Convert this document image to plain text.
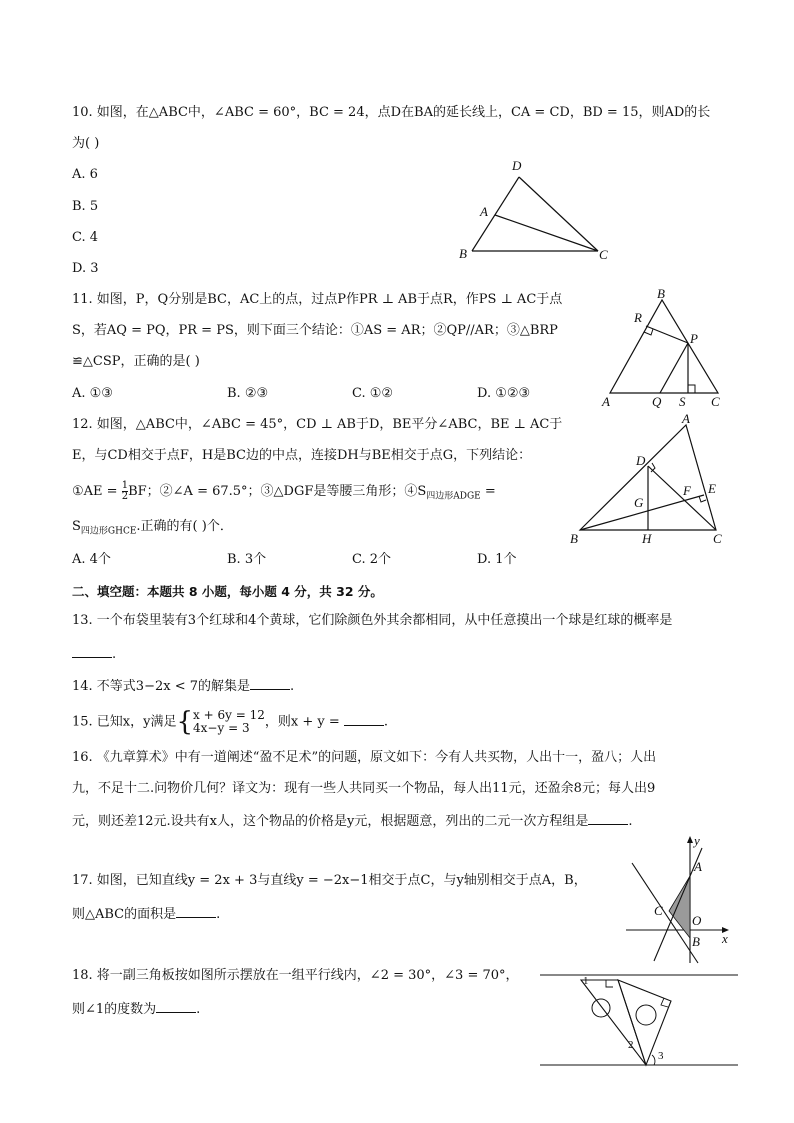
10. 如图，在△ABC中，∠ABC = 60°，BC = 24，点D在BA的延长线上，CA = CD，BD = 15，则AD的长
为( )
A. 6
B. 5
C. 4
D. 3
D
A
B	C
11. 如图，P，Q分别是BC，AC上的点，过点P作PR ⊥ AB于点R，作PS ⊥ AC于点
S，若AQ = PQ，PR = PS，则下面三个结论：①AS = AR；②QP//AR；③△BRP
≌△CSP，正确的是( )
A. ①③	B. ②③	C. ①②	D. ①②③
B
R
P
A	Q S C
12. 如图，△ABC中，∠ABC = 45°，CD ⊥ AB于D，BE平分∠ABC，BE ⊥ AC于
E，与CD相交于点F，H是BC边的中点，连接DH与BE相交于点G，下列结论：
①AE = $\frac{1}{2}$ BF；②∠A = 67.5°；③△DGF是等腰三角形；$④S_{四边形ADGE}$ =
$S_{四边形GHCE}$.正确的有( )个．
A. 4个	B. 3个	C. 2个	D. 1个
A
D
E
F
G
B	H	C
二、填空题：本题共 8 小题，每小题 4 分，共 32 分。
13. 一个布袋里装有3个红球和4个黄球，它们除颜色外其余都相同，从中任意摸出一个球是红球的概率是
.
14. 不等式3−2x < 7的解集是	.
15. 已知x，y满足{ x + 6y = 12
4x−y = 3	，则x + y =	.
16. 《九章算术》中有一道阐述“盈不足术”的问题，原文如下：今有人共买物，人出十一，盈八；人出
九，不足十二.问物价几何？译文为：现有一些人共同买一个物品，每人出11元，还盈余8元；每人出9
元，则还差12元.设共有x人，这个物品的价格是y元，根据题意，列出的二元一次方程组是	.
17. 如图，已知直线y = 2x + 3与直线y = −2x−1相交于点C，与y轴别相交于点A，B，
则△ABC的面积是	.
y
A
C
O
B x
18. 将一副三角板按如图所示摆放在一组平行线内，∠2 = 30°，∠3 = 70°，
则∠1的度数为	.
1
2
3
